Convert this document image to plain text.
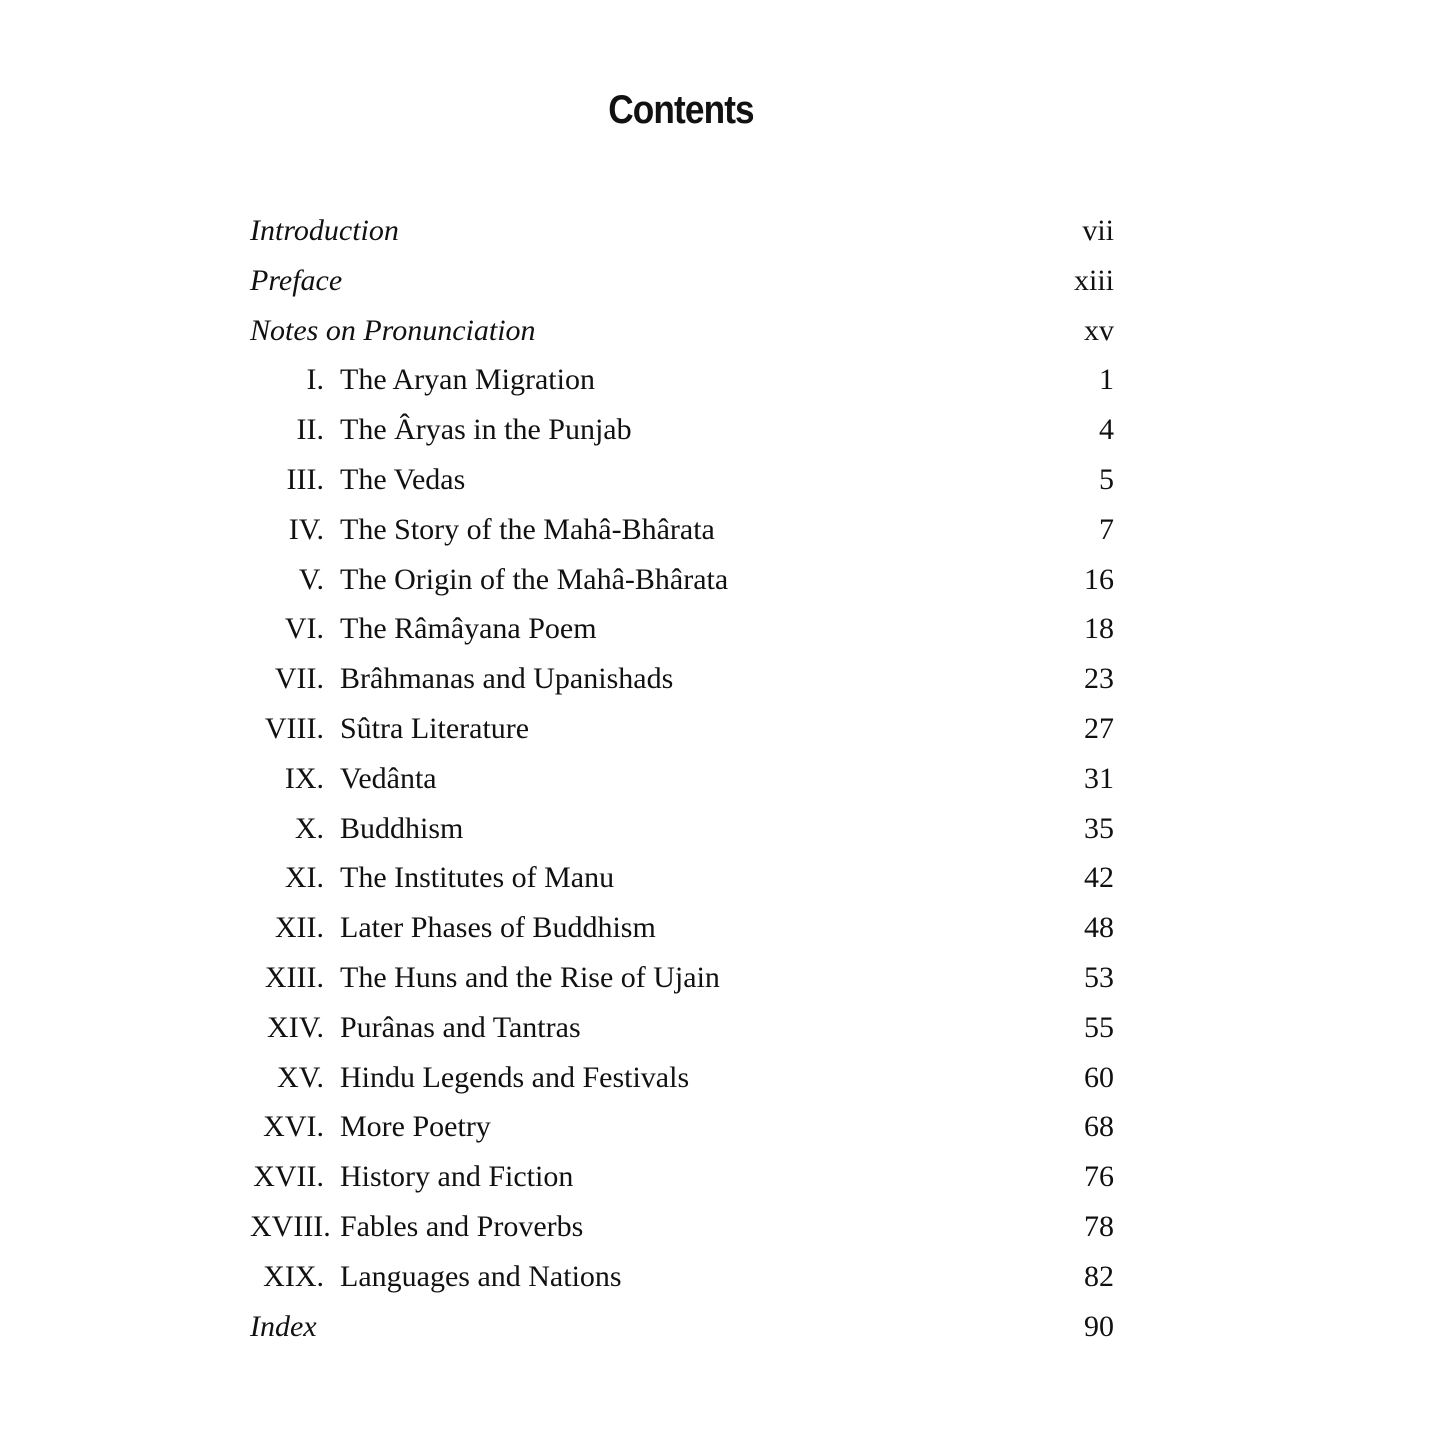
Contents
Introduction	vii
Preface	xiii
Notes on Pronunciation	xv
I. The Aryan Migration	1
II. The Âryas in the Punjab	4
III. The Vedas	5
IV. The Story of the Mahâ-Bhârata	7
V. The Origin of the Mahâ-Bhârata	16
VI. The Râmâyana Poem	18
VII. Brâhmanas and Upanishads	23
VIII. Sûtra Literature	27
IX. Vedânta	31
X. Buddhism	35
XI. The Institutes of Manu	42
XII. Later Phases of Buddhism	48
XIII. The Huns and the Rise of Ujain	53
XIV. Purânas and Tantras	55
XV. Hindu Legends and Festivals	60
XVI. More Poetry	68
XVII. History and Fiction	76
XVIII. Fables and Proverbs	78
XIX. Languages and Nations	82
Index	90
